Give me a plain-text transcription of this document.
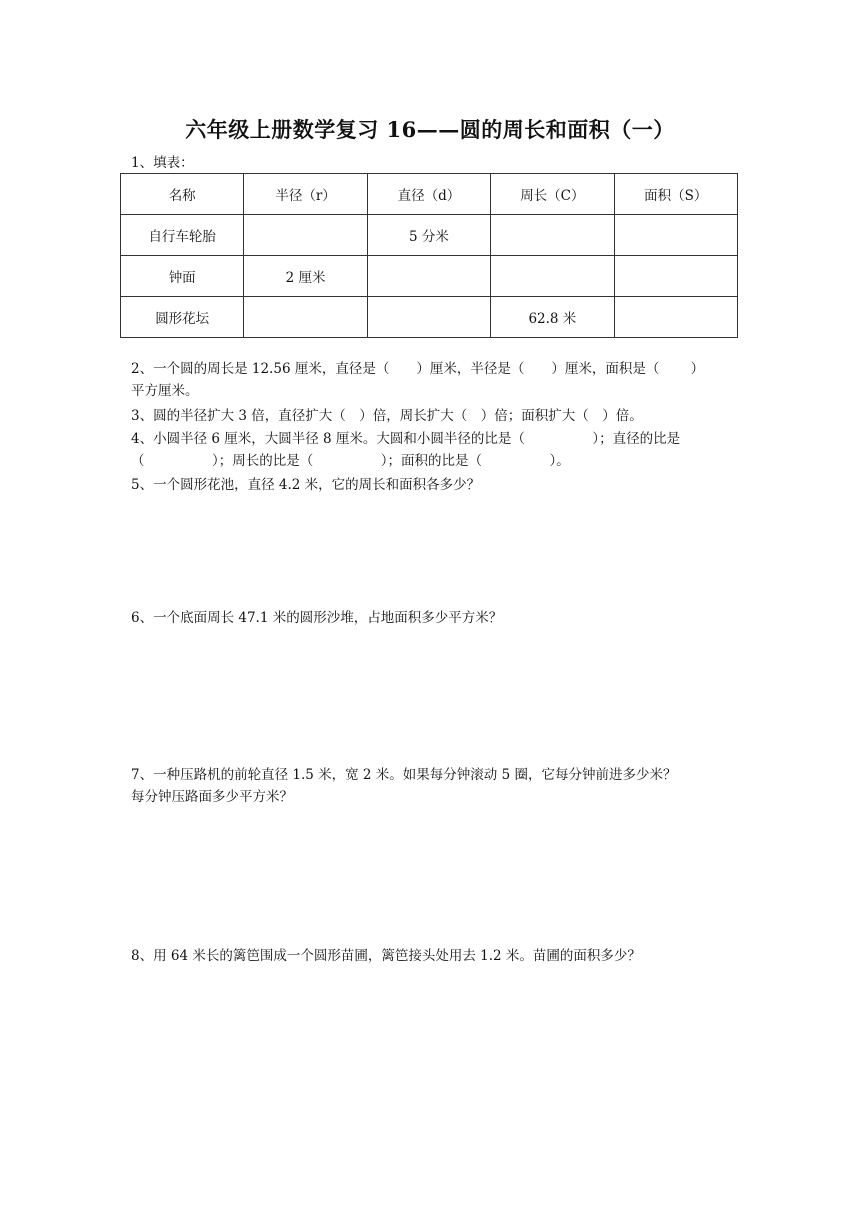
六年级上册数学复习 16——圆的周长和面积（一）
1、填表：
名称	半径（r）	直径（d）	周长（C）	面积（S）
自行车轮胎		5 分米		
钟面	2 厘米			
圆形花坛			62.8 米	
2、一个圆的周长是 12.56 厘米，直径是（　　）厘米，半径是（　　）厘米，面积是（　　 ）
平方厘米。
3、圆的半径扩大 3 倍，直径扩大（　）倍，周长扩大（　）倍；面积扩大（　）倍。
4、小圆半径 6 厘米，大圆半径 8 厘米。大圆和小圆半径的比是（　　　　　）；直径的比是
（　　　　　）；周长的比是（　　　　　）；面积的比是（　　　　　）。
5、一个圆形花池，直径 4.2 米，它的周长和面积各多少？
6、一个底面周长 47.1 米的圆形沙堆，占地面积多少平方米？
7、一种压路机的前轮直径 1.5 米，宽 2 米。如果每分钟滚动 5 圈，它每分钟前进多少米？
每分钟压路面多少平方米？
8、用 64 米长的篱笆围成一个圆形苗圃，篱笆接头处用去 1.2 米。苗圃的面积多少？
